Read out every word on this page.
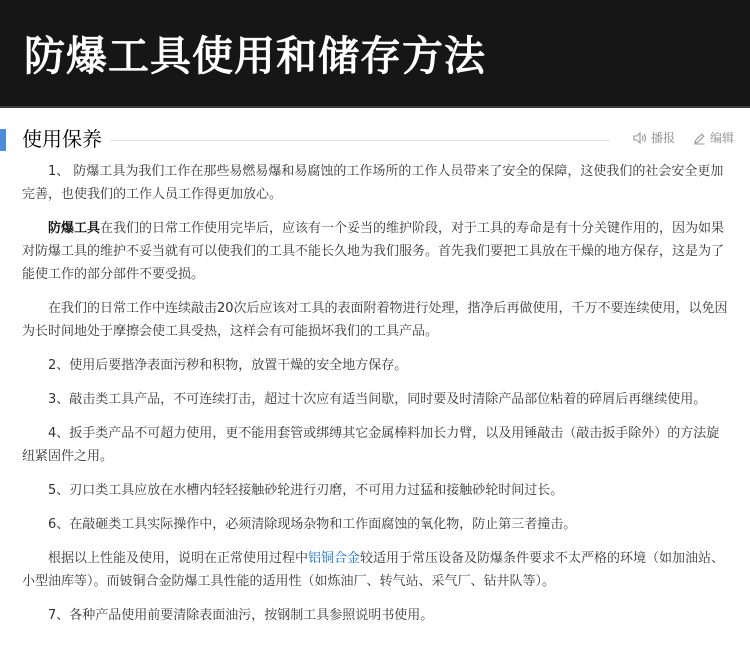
防爆工具使用和储存方法
使用保养	播报	编辑

1、 防爆工具为我们工作在那些易燃易爆和易腐蚀的工作场所的工作人员带来了安全的保障，这使我们的社会安全更加完善，也使我们的工作人员工作得更加放心。

防爆工具在我们的日常工作使用完毕后，应该有一个妥当的维护阶段，对于工具的寿命是有十分关键作用的，因为如果对防爆工具的维护不妥当就有可以使我们的工具不能长久地为我们服务。首先我们要把工具放在干燥的地方保存，这是为了能使工作的部分部件不要受损。

在我们的日常工作中连续敲击20次后应该对工具的表面附着物进行处理，揩净后再做使用，千万不要连续使用，以免因为长时间地处于摩擦会使工具受热，这样会有可能损坏我们的工具产品。

2、使用后要揩净表面污秽和积物，放置干燥的安全地方保存。

3、敲击类工具产品，不可连续打击，超过十次应有适当间歇，同时要及时清除产品部位粘着的碎屑后再继续使用。

4、扳手类产品不可超力使用，更不能用套管或绑缚其它金属棒料加长力臂，以及用锤敲击（敲击扳手除外）的方法旋纽紧固件之用。

5、刃口类工具应放在水槽内轻轻接触砂轮进行刃磨，不可用力过猛和接触砂轮时间过长。

6、在敲砸类工具实际操作中，必须清除现场杂物和工作面腐蚀的氧化物，防止第三者撞击。

根据以上性能及使用，说明在正常使用过程中铝铜合金较适用于常压设备及防爆条件要求不太严格的环境（如加油站、小型油库等）。而铍铜合金防爆工具性能的适用性（如炼油厂、转气站、采气厂、钻井队等）。

7、各种产品使用前要清除表面油污，按钢制工具参照说明书使用。
